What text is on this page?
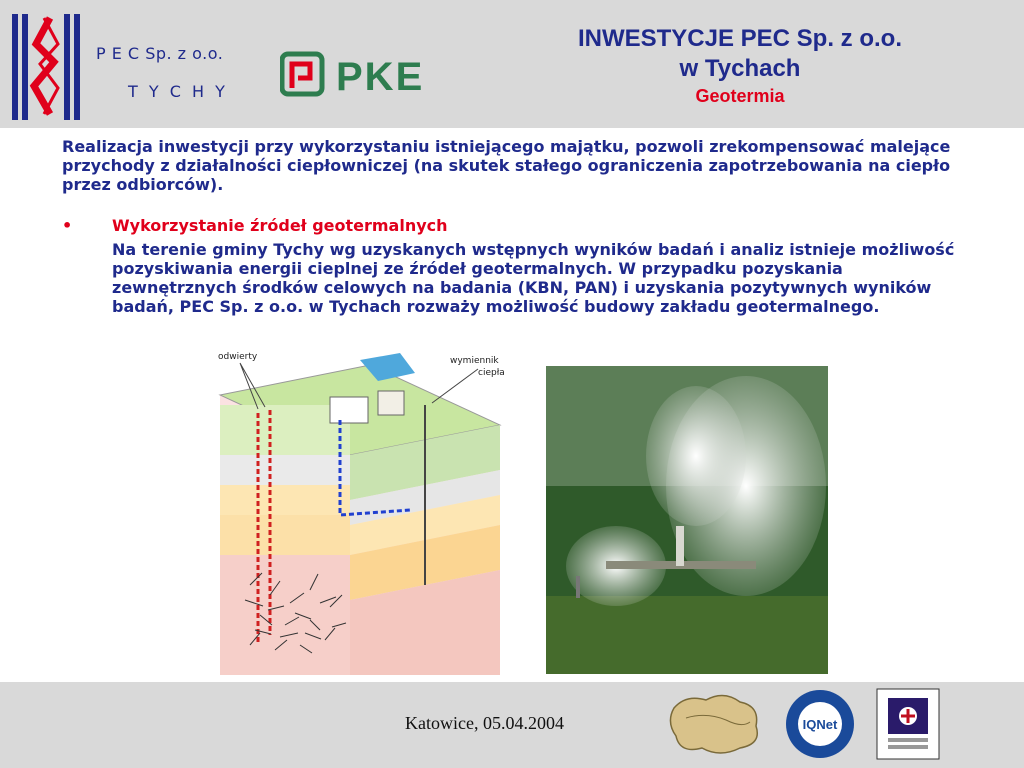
P E C Sp. z o.o.
T Y C H Y	PKE
INWESTYCJE PEC Sp. z o.o.
w Tychach
Geotermia
Realizacja inwestycji przy wykorzystaniu istniejącego majątku, pozwoli zrekompensować malejące przychody z działalności ciepłowniczej (na skutek stałego ograniczenia zapotrzebowania na ciepło przez odbiorców).
• Wykorzystanie źródeł geotermalnych
Na terenie gminy Tychy wg uzyskanych wstępnych wyników badań i analiz istnieje możliwość pozyskiwania energii cieplnej ze źródeł geotermalnych. W przypadku pozyskania zewnętrznych środków celowych na badania (KBN, PAN) i uzyskania pozytywnych wyników badań, PEC Sp. z o.o. w Tychach rozważy możliwość budowy zakładu geotermalnego.
odwierty	wymiennik
ciepła
Katowice, 05.04.2004	IQNet
